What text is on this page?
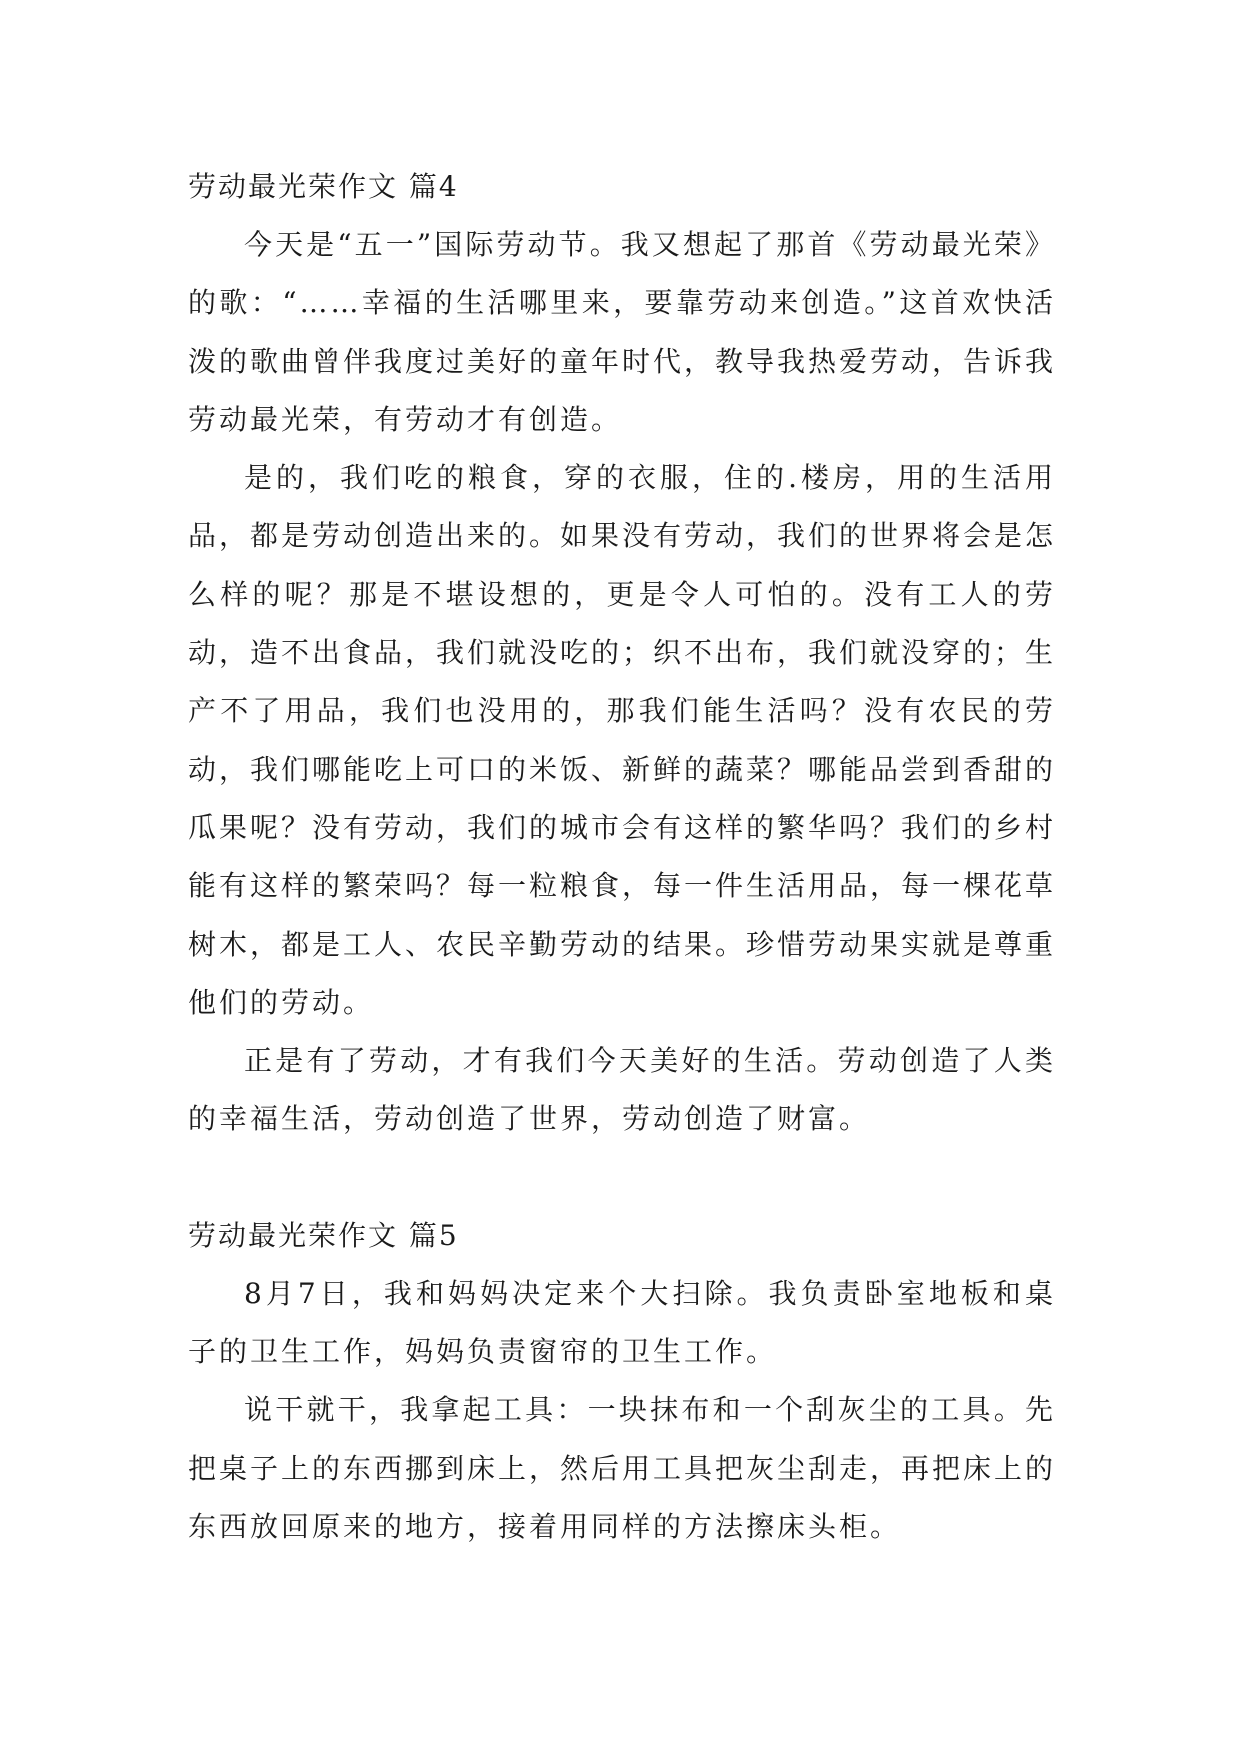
劳动最光荣作文 篇4

今天是“五一”国际劳动节。我又想起了那首《劳动最光荣》的歌：“……幸福的生活哪里来，要靠劳动来创造。”这首欢快活泼的歌曲曾伴我度过美好的童年时代，教导我热爱劳动，告诉我劳动最光荣，有劳动才有创造。

是的，我们吃的粮食，穿的衣服，住的.楼房，用的生活用品，都是劳动创造出来的。如果没有劳动，我们的世界将会是怎么样的呢？那是不堪设想的，更是令人可怕的。没有工人的劳动，造不出食品，我们就没吃的；织不出布，我们就没穿的；生产不了用品，我们也没用的，那我们能生活吗？没有农民的劳动，我们哪能吃上可口的米饭、新鲜的蔬菜？哪能品尝到香甜的瓜果呢？没有劳动，我们的城市会有这样的繁华吗？我们的乡村能有这样的繁荣吗？每一粒粮食，每一件生活用品，每一棵花草树木，都是工人、农民辛勤劳动的结果。珍惜劳动果实就是尊重他们的劳动。

正是有了劳动，才有我们今天美好的生活。劳动创造了人类的幸福生活，劳动创造了世界，劳动创造了财富。

劳动最光荣作文 篇5

8月7日，我和妈妈决定来个大扫除。我负责卧室地板和桌子的卫生工作，妈妈负责窗帘的卫生工作。

说干就干，我拿起工具：一块抹布和一个刮灰尘的工具。先把桌子上的东西挪到床上，然后用工具把灰尘刮走，再把床上的东西放回原来的地方，接着用同样的方法擦床头柜。
